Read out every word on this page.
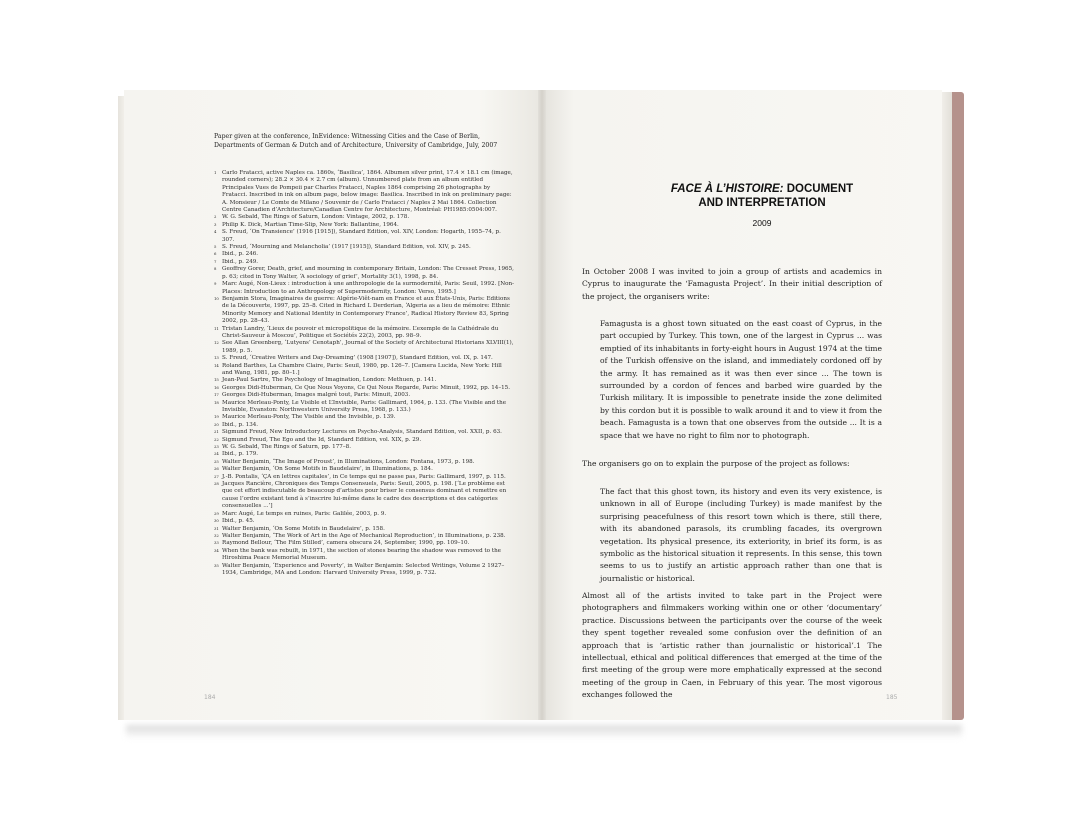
Paper given at the conference, InEvidence: Witnessing Cities and the Case of Berlin, Departments of German & Dutch and of Architecture, University of Cambridge, July, 2007
1 Carlo Fratacci, active Naples ca. 1860s, ‘Basilica’, 1864. Albumen silver print, 17.4 × 18.1 cm (image, rounded corners); 28.2 × 30.4 × 2.7 cm (album). Unnumbered plate from an album entitled Principales Vues de Pompeii par Charles Fratacci, Naples 1864 comprising 26 photographs by Fratacci. Inscribed in ink on album page, below image: Basilica. Inscribed in ink on preliminary page: A. Monsieur / Le Comte de Milano / Souvenir de / Carlo Fratacci / Naples 2 Mai 1864. Collection Centre Canadien d’Architecture/Canadian Centre for Architecture, Montréal: PH1985:0504:007.
2 W. G. Sebald, The Rings of Saturn, London: Vintage, 2002, p. 178.
3 Philip K. Dick, Martian Time-Slip, New York: Ballantine, 1964.
4 S. Freud, ‘On Transience’ (1916 [1915]), Standard Edition, vol. XIV, London: Hogarth, 1955–74, p. 307.
5 S. Freud, ‘Mourning and Melancholia’ (1917 [1915]), Standard Edition, vol. XIV, p. 245.
6 Ibid., p. 246.
7 Ibid., p. 249.
8 Geoffrey Gorer, Death, grief, and mourning in contemporary Britain, London: The Cresset Press, 1965, p. 63; cited in Tony Walter, ‘A sociology of grief’, Mortality 3(1), 1998, p. 84.
9 Marc Augé, Non-Lieux : introduction à une anthropologie de la surmodernité, Paris: Seuil, 1992. [Non-Places: Introduction to an Anthropology of Supermodernity, London: Verso, 1995.]
10 Benjamin Stora, Imaginaires de guerre: Algérie-Viêt-nam en France et aux États-Unis, Paris: Editions de la Découverte, 1997, pp. 25–8. Cited in Richard L Derderian, ‘Algeria as a lieu de mémoire: Ethnic Minority Memory and National Identity in Contemporary France’, Radical History Review 83, Spring 2002, pp. 28–43.
11 Tristan Landry, ‘Lieux de pouvoir et micropolitique de la mémoire. L’exemple de la Cathédrale du Christ-Sauveur à Moscou’, Politique et Sociétés 22(2), 2003, pp. 98–9.
12 See Allan Greenberg, ‘Lutyens’ Cenotaph’, Journal of the Society of Architectural Historians XLVIII(1), 1989, p. 5.
13 S. Freud, ‘Creative Writers and Day-Dreaming’ (1908 [1907]), Standard Edition, vol. IX, p. 147.
14 Roland Barthes, La Chambre Claire, Paris: Seuil, 1980, pp. 126–7. [Camera Lucida, New York: Hill and Wang, 1981, pp. 80–1.]
15 Jean-Paul Sartre, The Psychology of Imagination, London: Methuen, p. 141.
16 Georges Didi-Huberman, Ce Que Nous Voyons, Ce Qui Nous Regarde, Paris: Minuit, 1992, pp. 14–15.
17 Georges Didi-Huberman, Images malgré tout, Paris: Minuit, 2003.
18 Maurice Merleau-Ponty, Le Visible et L’Invisible, Paris: Gallimard, 1964, p. 133. (The Visible and the Invisible, Evanston: Northwestern University Press, 1968, p. 133.)
19 Maurice Merleau-Ponty, The Visible and the Invisible, p. 139.
20 Ibid., p. 134.
21 Sigmund Freud, New Introductory Lectures on Psycho-Analysis, Standard Edition, vol. XXII, p. 63.
22 Sigmund Freud, The Ego and the Id, Standard Edition, vol. XIX, p. 29.
23 W. G. Sebald, The Rings of Saturn, pp. 177–8.
24 Ibid., p. 179.
25 Walter Benjamin, ‘The Image of Proust’, in Illuminations, London: Fontana, 1973, p. 198.
26 Walter Benjamin, ‘On Some Motifs in Baudelaire’, in Illuminations, p. 184.
27 J.-B. Pontalis, ‘ÇA en lettres capitales’, in Ce temps qui ne passe pas, Paris: Gallimard, 1997, p. 115.
28 Jacques Rancière, Chroniques des Temps Consensuels, Paris: Seuil, 2005, p. 198. [‘Le problème est que cet effort indiscutable de beaucoup d’artistes pour briser le consensus dominant et remettre en cause l’ordre existant tend à s’inscrire lui-même dans le cadre des descriptions et des catégories consensuelles ...’]
29 Marc Augé, Le temps en ruines, Paris: Galilée, 2003, p. 9.
30 Ibid., p. 45.
31 Walter Benjamin, ‘On Some Motifs in Baudelaire’, p. 158.
32 Walter Benjamin, ‘The Work of Art in the Age of Mechanical Reproduction’, in Illuminations, p. 238.
33 Raymond Bellour, ‘The Film Stilled’, camera obscura 24, September, 1990, pp. 109–10.
34 When the bank was rebuilt, in 1971, the section of stones bearing the shadow was removed to the Hiroshima Peace Memorial Museum.
35 Walter Benjamin, ‘Experience and Poverty’, in Walter Benjamin: Selected Writings, Volume 2 1927–1934, Cambridge, MA and London: Harvard University Press, 1999, p. 732.
184
FACE À L’HISTOIRE: DOCUMENT
AND INTERPRETATION
2009

In October 2008 I was invited to join a group of artists and academics in Cyprus to inaugurate the ‘Famagusta Project’. In their initial description of the project, the organisers write:

Famagusta is a ghost town situated on the east coast of Cyprus, in the part occupied by Turkey. This town, one of the largest in Cyprus ... was emptied of its inhabitants in forty-eight hours in August 1974 at the time of the Turkish offensive on the island, and immediately cordoned off by the army. It has remained as it was then ever since ... The town is surrounded by a cordon of fences and barbed wire guarded by the Turkish military. It is impossible to penetrate inside the zone delimited by this cordon but it is possible to walk around it and to view it from the beach. Famagusta is a town that one observes from the outside ... It is a space that we have no right to film nor to photograph.

The organisers go on to explain the purpose of the project as follows:

The fact that this ghost town, its history and even its very existence, is unknown in all of Europe (including Turkey) is made manifest by the surprising peacefulness of this resort town which is there, still there, with its abandoned parasols, its crumbling facades, its overgrown vegetation. Its physical presence, its exteriority, in brief its form, is as symbolic as the historical situation it represents. In this sense, this town seems to us to justify an artistic approach rather than one that is journalistic or historical.

Almost all of the artists invited to take part in the Project were photographers and filmmakers working within one or other ‘documentary’ practice. Discussions between the participants over the course of the week they spent together revealed some confusion over the definition of an approach that is ‘artistic rather than journalistic or historical’.1 The intellectual, ethical and political differences that emerged at the time of the first meeting of the group were more emphatically expressed at the second meeting of the group in Caen, in February of this year. The most vigorous exchanges followed the	185
